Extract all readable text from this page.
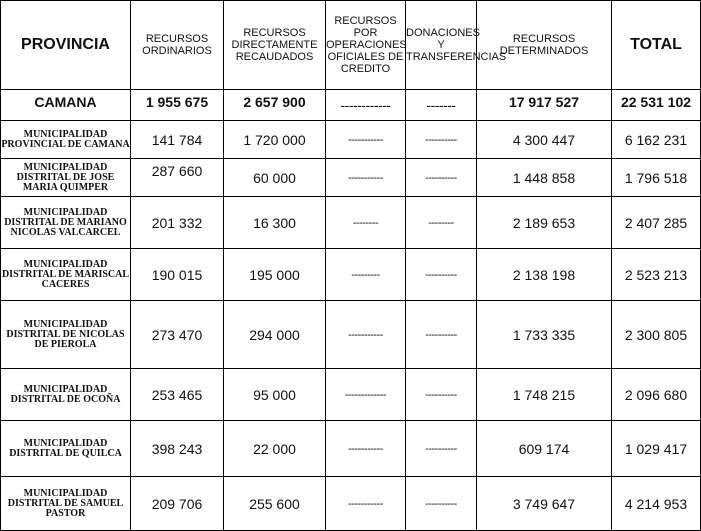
PROVINCIA	RECURSOS ORDINARIOS	RECURSOS DIRECTAMENTE RECAUDADOS	RECURSOS POR OPERACIONES OFICIALES DE CREDITO	DONACIONES Y TRANSFERENCIAS	RECURSOS DETERMINADOS	TOTAL
CAMANA	1 955 675	2 657 900	------------	-------	17 917 527	22 531 102
MUNICIPALIDAD PROVINCIAL DE CAMANA	141 784	1 720 000	-----------	----------	4 300 447	6 162 231
MUNICIPALIDAD DISTRITAL DE JOSE MARIA QUIMPER	287 660	60 000	-----------	----------	1 448 858	1 796 518
MUNICIPALIDAD DISTRITAL DE MARIANO NICOLAS VALCARCEL	201 332	16 300	--------	--------	2 189 653	2 407 285
MUNICIPALIDAD DISTRITAL DE MARISCAL CACERES	190 015	195 000	---------	----------	2 138 198	2 523 213
MUNICIPALIDAD DISTRITAL DE NICOLAS DE PIEROLA	273 470	294 000	-----------	----------	1 733 335	2 300 805
MUNICIPALIDAD DISTRITAL DE OCOÑA	253 465	95 000	-------------	----------	1 748 215	2 096 680
MUNICIPALIDAD DISTRITAL DE QUILCA	398 243	22 000	-----------	----------	609 174	1 029 417
MUNICIPALIDAD DISTRITAL DE SAMUEL PASTOR	209 706	255 600	-----------	----------	3 749 647	4 214 953
